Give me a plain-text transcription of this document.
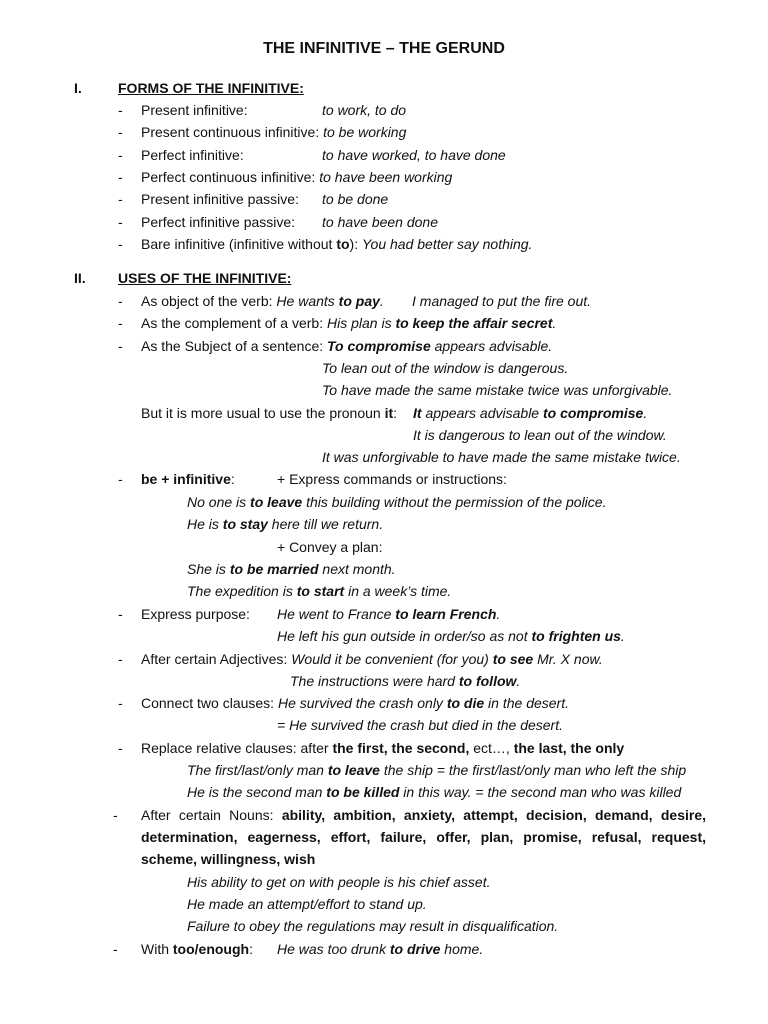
THE INFINITIVE – THE GERUND
I.	FORMS OF THE INFINITIVE:
- Present infinitive:	to work, to do
- Present continuous infinitive: to be working
- Perfect infinitive:	to have worked, to have done
- Perfect continuous infinitive: to have been working
- Present infinitive passive: to be done
- Perfect infinitive passive: to have been done
- Bare infinitive (infinitive without to): You had better say nothing.
II. USES OF THE INFINITIVE:
- As object of the verb: He wants to pay. I managed to put the fire out.
- As the complement of a verb: His plan is to keep the affair secret.
- As the Subject of a sentence: To compromise appears advisable.
To lean out of the window is dangerous.
To have made the same mistake twice was unforgivable.
But it is more usual to use the pronoun it: It appears advisable to compromise.
It is dangerous to lean out of the window.
It was unforgivable to have made the same mistake twice.
- be + infinitive:	+ Express commands or instructions:
No one is to leave this building without the permission of the police.
He is to stay here till we return.
+ Convey a plan:
She is to be married next month.
The expedition is to start in a week’s time.
- Express purpose: He went to France to learn French.
He left his gun outside in order/so as not to frighten us.
- After certain Adjectives: Would it be convenient (for you) to see Mr. X now.
The instructions were hard to follow.
- Connect two clauses: He survived the crash only to die in the desert.
= He survived the crash but died in the desert.
- Replace relative clauses: after the first, the second, ect…, the last, the only
The first/last/only man to leave the ship = the first/last/only man who left the ship
He is the second man to be killed in this way. = the second man who was killed
- After certain Nouns: ability, ambition, anxiety, attempt, decision, demand, desire,
determination, eagerness, effort, failure, offer, plan, promise, refusal, request,
scheme, willingness, wish
His ability to get on with people is his chief asset.
He made an attempt/effort to stand up.
Failure to obey the regulations may result in disqualification.
- With too/enough: He was too drunk to drive home.
